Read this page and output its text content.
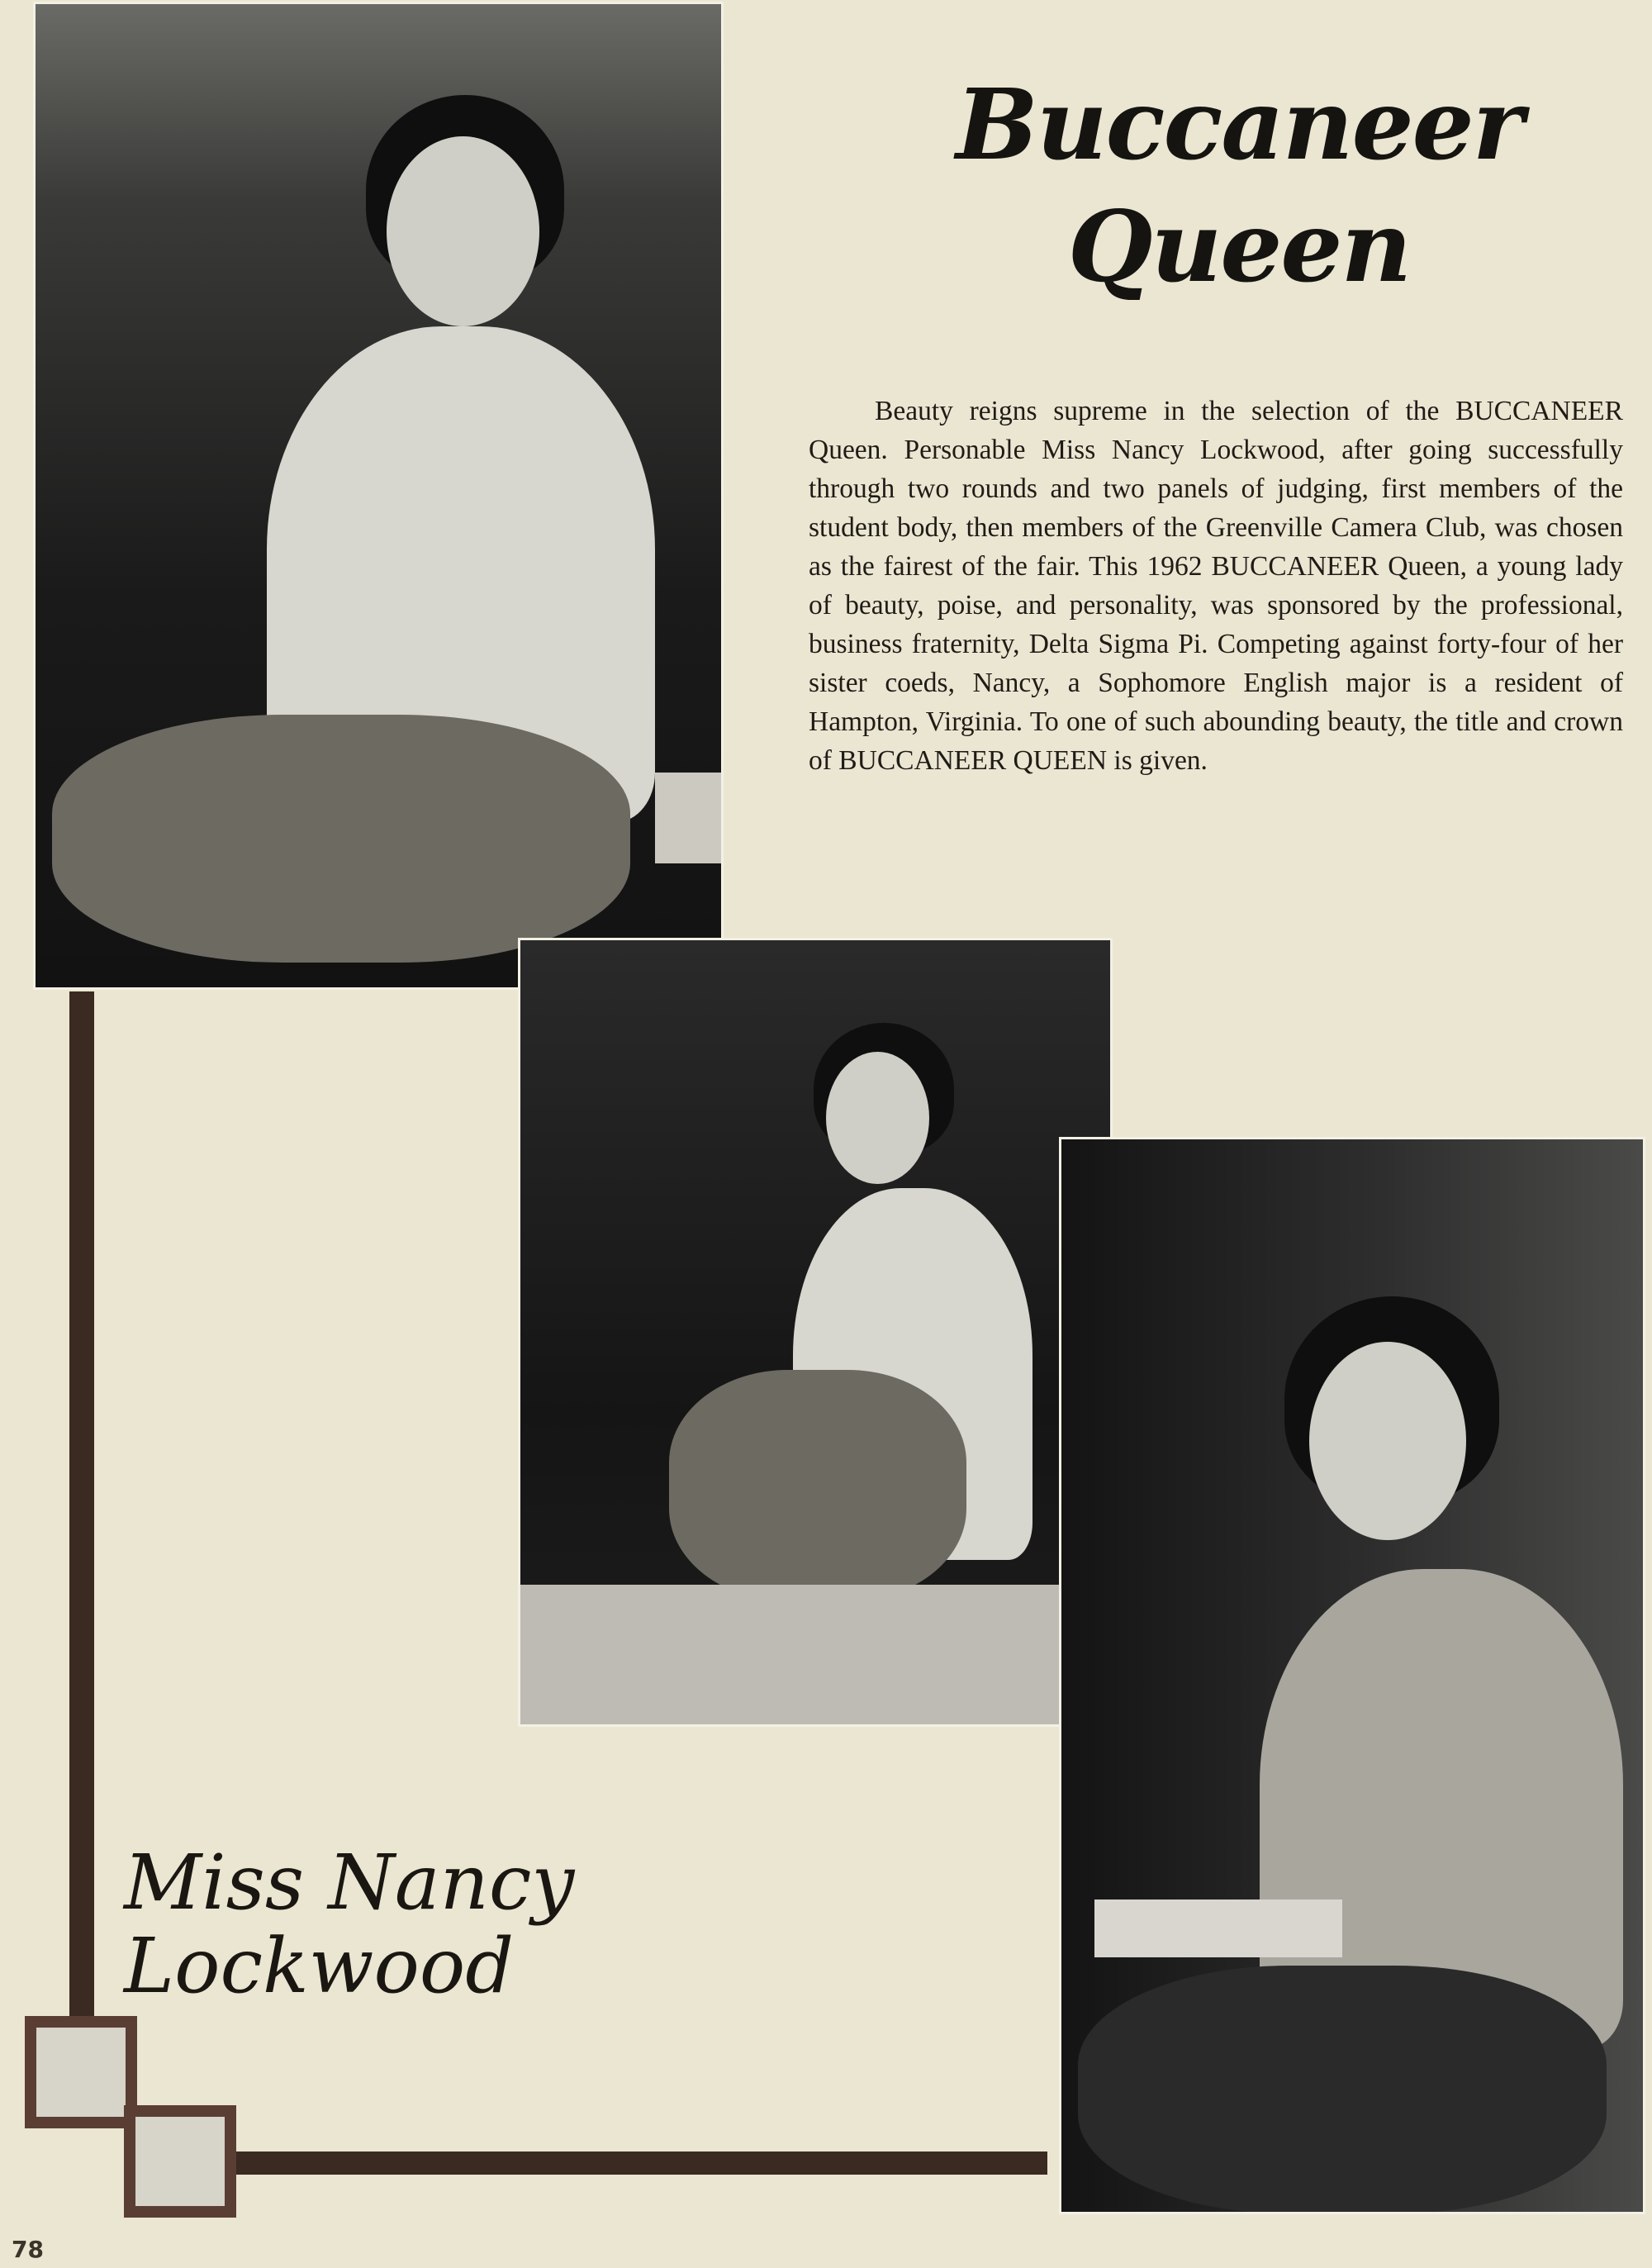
Buccaneer
Queen

Beauty reigns supreme in the selection of the BUCCANEER Queen. Personable Miss Nancy Lockwood, after going successfully through two rounds and two panels of judging, first members of the student body, then members of the Greenville Camera Club, was chosen as the fairest of the fair. This 1962 BUCCANEER Queen, a young lady of beauty, poise, and personality, was sponsored by the professional, business fraternity, Delta Sigma Pi. Competing against forty-four of her sister coeds, Nancy, a Sophomore English major is a resident of Hampton, Virginia. To one of such abounding beauty, the title and crown of BUCCANEER QUEEN is given.

Miss Nancy Lockwood
78
